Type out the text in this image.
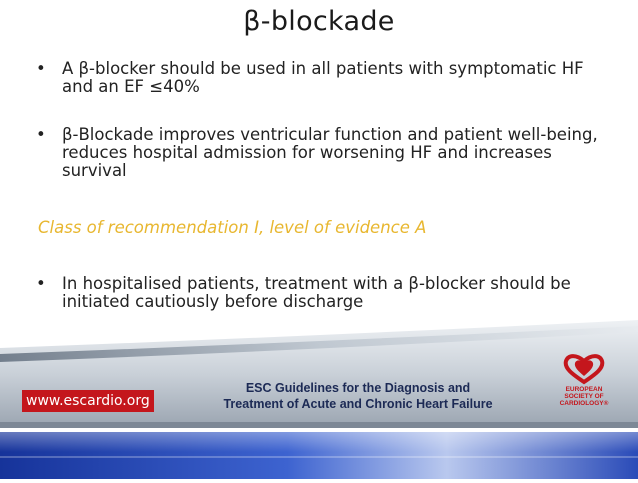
β-blockade
• A β-blocker should be used in all patients with symptomatic HF and an EF ≤40%
• β-Blockade improves ventricular function and patient well-being, reduces hospital admission for worsening HF and increases survival
Class of recommendation I, level of evidence A
• In hospitalised patients, treatment with a β-blocker should be initiated cautiously before discharge
www.escardio.org
ESC Guidelines for the Diagnosis and
Treatment of Acute and Chronic Heart Failure
EUROPEAN
SOCIETY OF
CARDIOLOGY®
